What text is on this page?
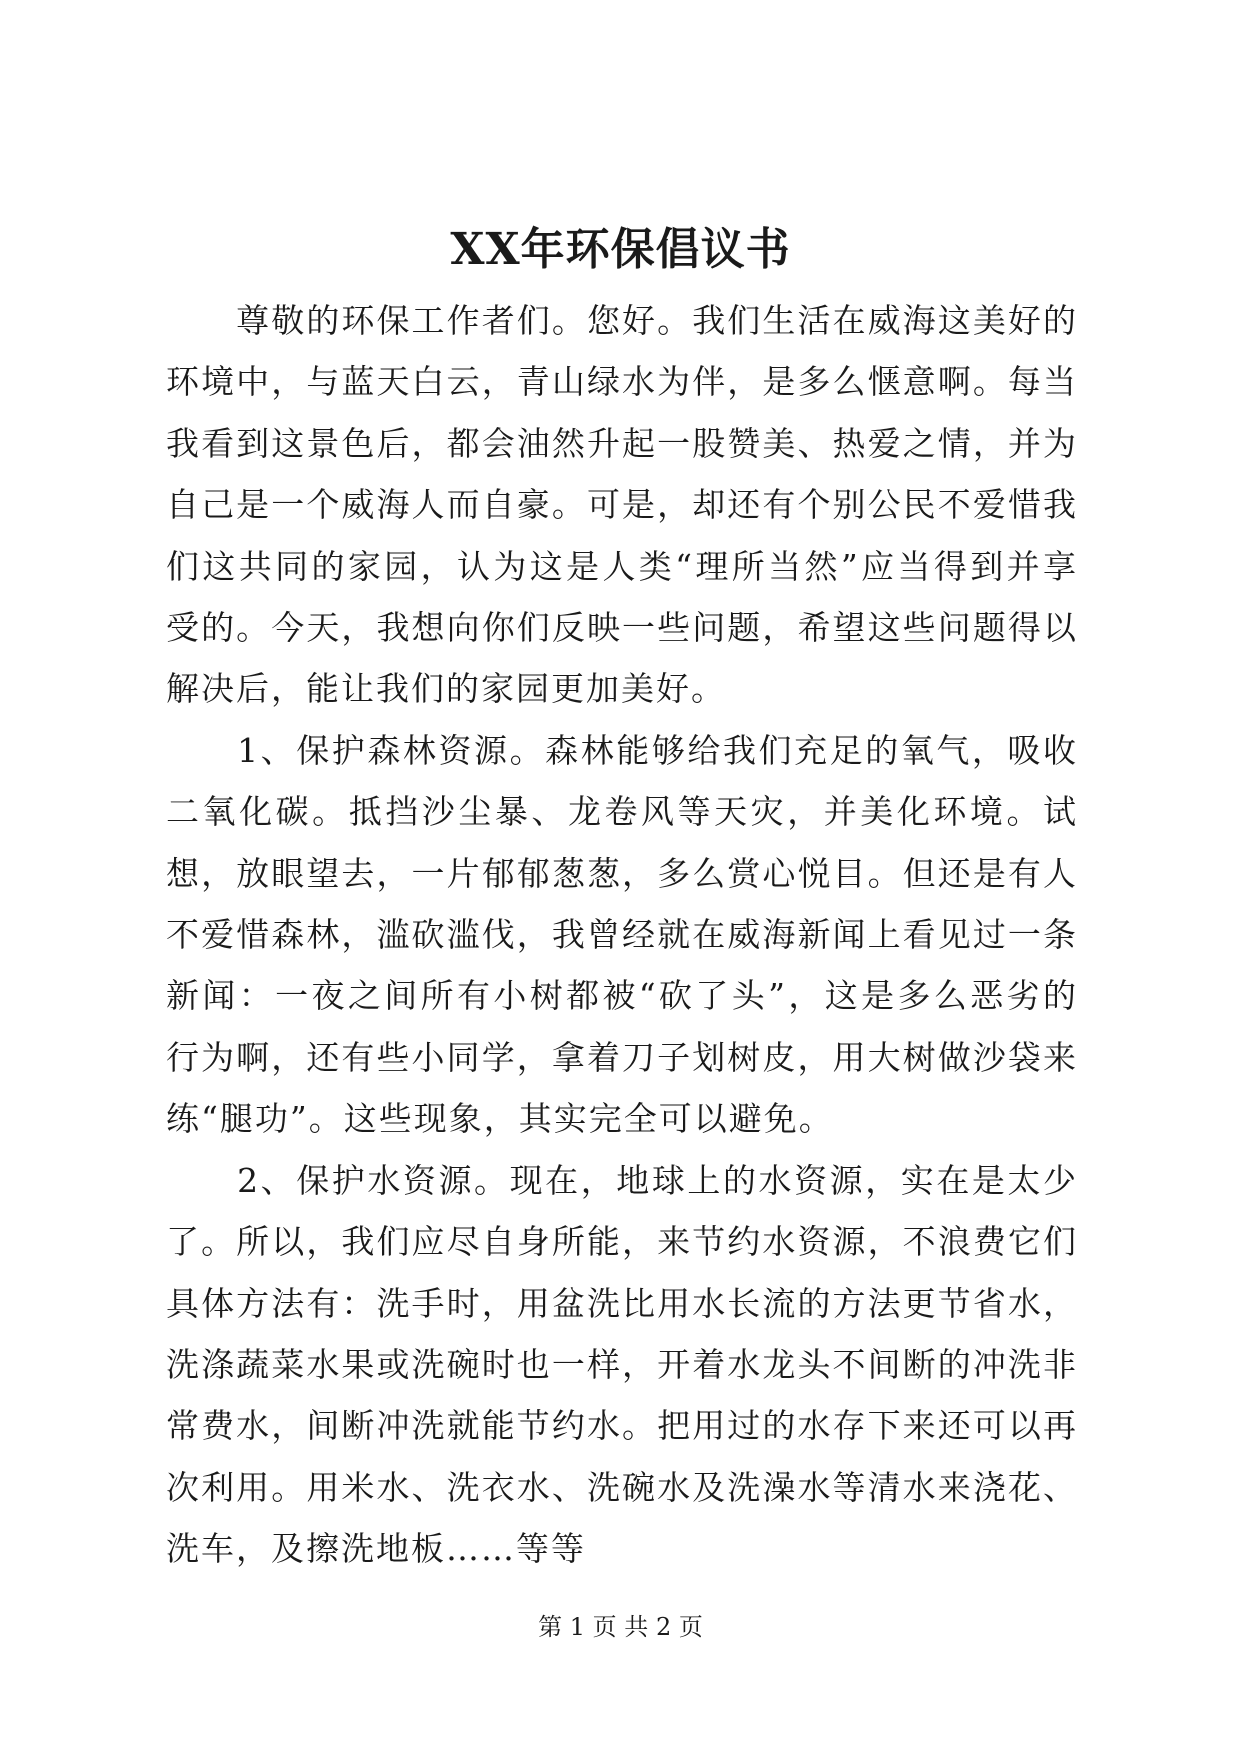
XX年环保倡议书

　　尊敬的环保工作者们。您好。我们生活在威海这美好的环境中，与蓝天白云，青山绿水为伴，是多么惬意啊。每当我看到这景色后，都会油然升起一股赞美、热爱之情，并为自己是一个威海人而自豪。可是，却还有个别公民不爱惜我们这共同的家园，认为这是人类“理所当然”应当得到并享受的。今天，我想向你们反映一些问题，希望这些问题得以解决后，能让我们的家园更加美好。

　　1、保护森林资源。森林能够给我们充足的氧气，吸收二氧化碳。抵挡沙尘暴、龙卷风等天灾，并美化环境。试想，放眼望去，一片郁郁葱葱，多么赏心悦目。但还是有人不爱惜森林，滥砍滥伐，我曾经就在威海新闻上看见过一条新闻：一夜之间所有小树都被“砍了头”，这是多么恶劣的行为啊，还有些小同学，拿着刀子划树皮，用大树做沙袋来练“腿功”。这些现象，其实完全可以避免。

　　2、保护水资源。现在，地球上的水资源，实在是太少了。所以，我们应尽自身所能，来节约水资源，不浪费它们具体方法有：洗手时，用盆洗比用水长流的方法更节省水，洗涤蔬菜水果或洗碗时也一样，开着水龙头不间断的冲洗非常费水，间断冲洗就能节约水。把用过的水存下来还可以再次利用。用米水、洗衣水、洗碗水及洗澡水等清水来浇花、洗车，及擦洗地板……等等

第 1 页 共 2 页
